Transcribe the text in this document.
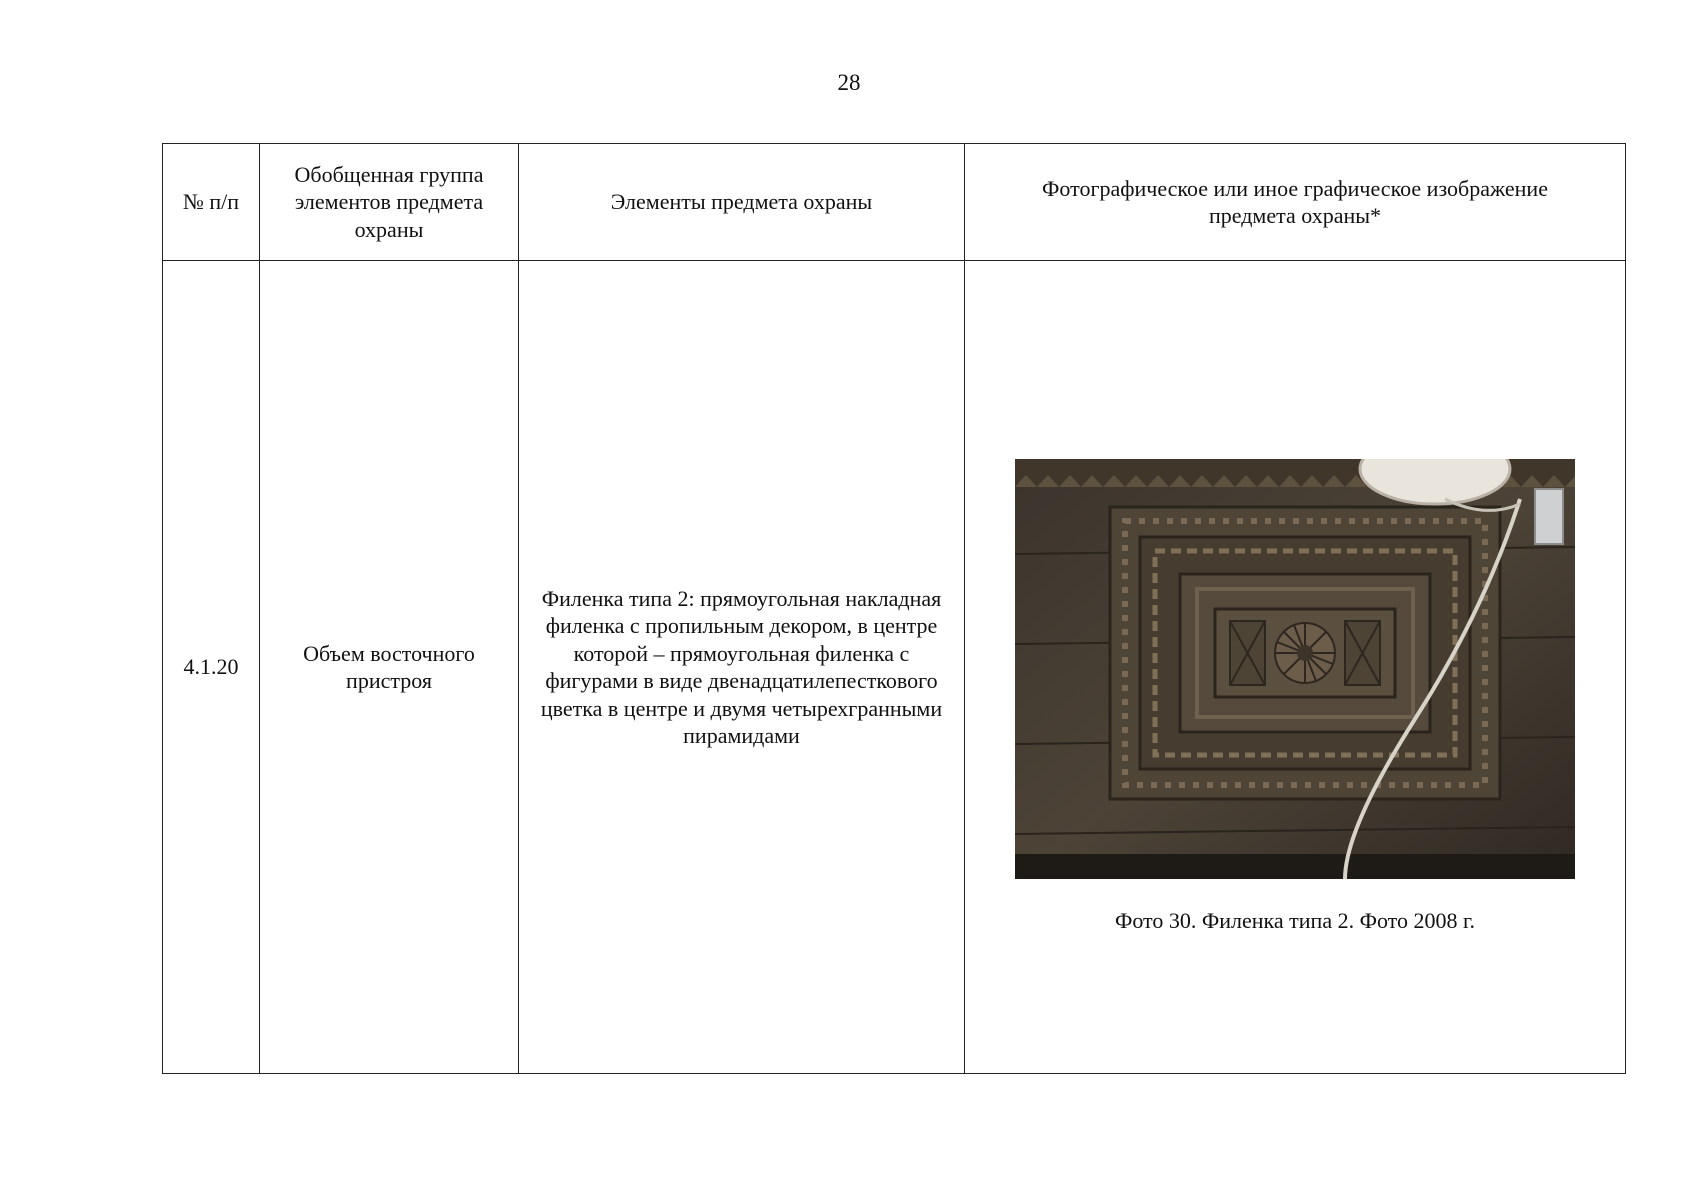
28
№ п/п	Обобщенная группа элементов предмета охраны	Элементы предмета охраны	Фотографическое или иное графическое изображение предмета охраны*
4.1.20	Объем восточного пристроя	Филенка типа 2: прямоугольная накладная филенка с пропильным декором, в центре которой – прямоугольная филенка с фигурами в виде двенадцатилепесткового цветка в центре и двумя четырехгранными пирамидами	Фото 30. Филенка типа 2. Фото 2008 г.
